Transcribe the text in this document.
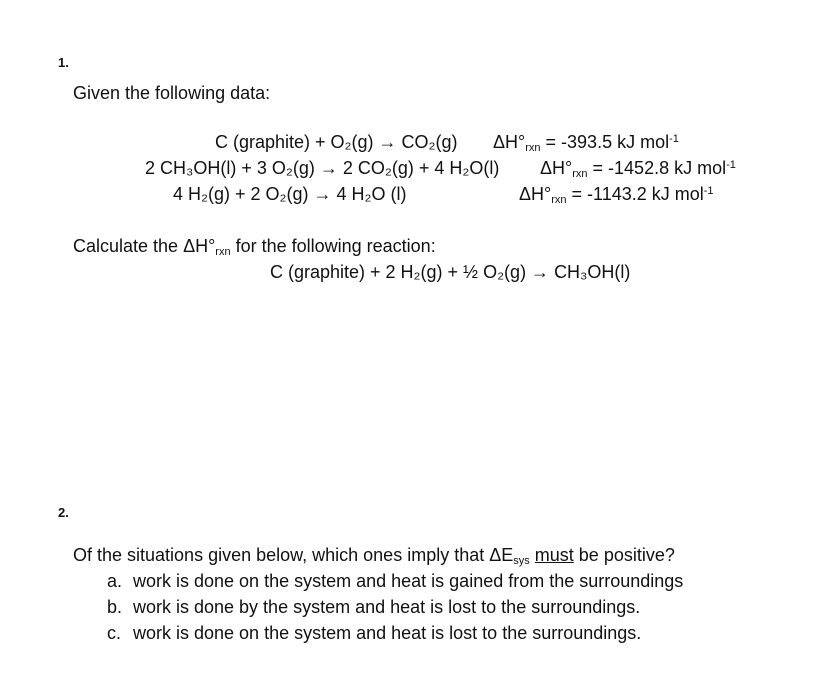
1.
Given the following data:
C (graphite) + O₂(g) → CO₂(g) $\Delta H^\circ_{rxn} = -393.5$ kJ mol$^{-1}$
2 CH₃OH(l) + 3 O₂(g) → 2 CO₂(g) + 4 H₂O(l) $\Delta H^\circ_{rxn} = -1452.8$ kJ mol$^{-1}$
4 H₂(g) + 2 O₂(g) → 4 H₂O (l)	$\Delta H^\circ_{rxn} = -1143.2$ kJ mol$^{-1}$
Calculate the $\Delta H^\circ_{rxn}$ for the following reaction:
C (graphite) + 2 H₂(g) + ½ O₂(g) → CH₃OH(l)
2.
Of the situations given below, which ones imply that $\Delta E_{sys}$ must be positive?
a. work is done on the system and heat is gained from the surroundings
b. work is done by the system and heat is lost to the surroundings.
c. work is done on the system and heat is lost to the surroundings.
